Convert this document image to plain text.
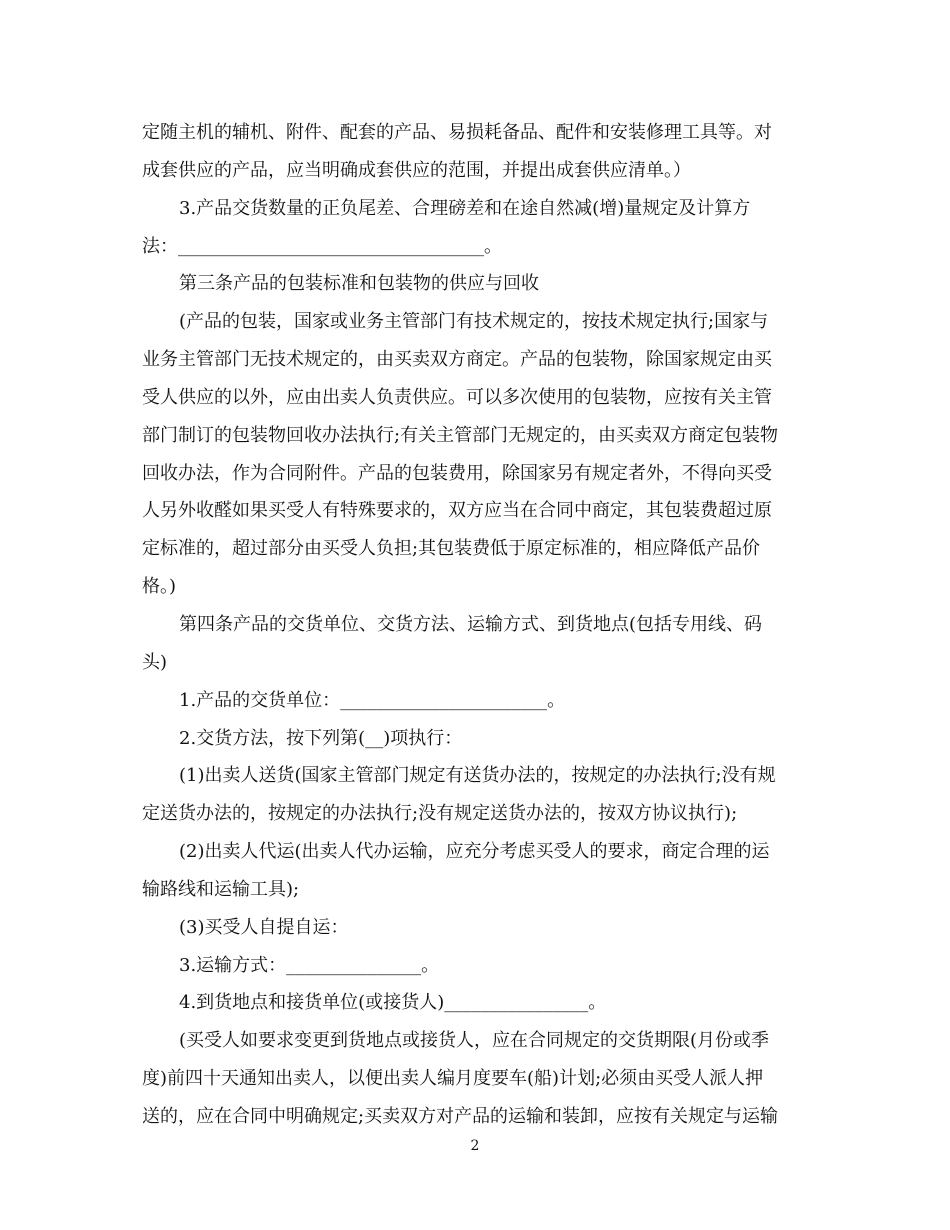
定随主机的辅机、附件、配套的产品、易损耗备品、配件和安装修理工具等。对
成套供应的产品，应当明确成套供应的范围，并提出成套供应清单。）
3.产品交货数量的正负尾差、合理磅差和在途自然减(增)量规定及计算方
法：__________________________________。
第三条产品的包装标准和包装物的供应与回收
(产品的包装，国家或业务主管部门有技术规定的，按技术规定执行;国家与
业务主管部门无技术规定的，由买卖双方商定。产品的包装物，除国家规定由买
受人供应的以外，应由出卖人负责供应。可以多次使用的包装物，应按有关主管
部门制订的包装物回收办法执行;有关主管部门无规定的，由买卖双方商定包装物
回收办法，作为合同附件。产品的包装费用，除国家另有规定者外，不得向买受
人另外收醛如果买受人有特殊要求的，双方应当在合同中商定，其包装费超过原
定标准的，超过部分由买受人负担;其包装费低于原定标准的，相应降低产品价
格。)
第四条产品的交货单位、交货方法、运输方式、到货地点(包括专用线、码
头)
1.产品的交货单位：_______________________。
2.交货方法，按下列第(__)项执行：
(1)出卖人送货(国家主管部门规定有送货办法的，按规定的办法执行;没有规
定送货办法的，按规定的办法执行;没有规定送货办法的，按双方协议执行);
(2)出卖人代运(出卖人代办运输，应充分考虑买受人的要求，商定合理的运
输路线和运输工具);
(3)买受人自提自运：
3.运输方式：_______________。
4.到货地点和接货单位(或接货人)________________。
(买受人如要求变更到货地点或接货人，应在合同规定的交货期限(月份或季
度)前四十天通知出卖人，以便出卖人编月度要车(船)计划;必须由买受人派人押
送的，应在合同中明确规定;买卖双方对产品的运输和装卸，应按有关规定与运输
2
